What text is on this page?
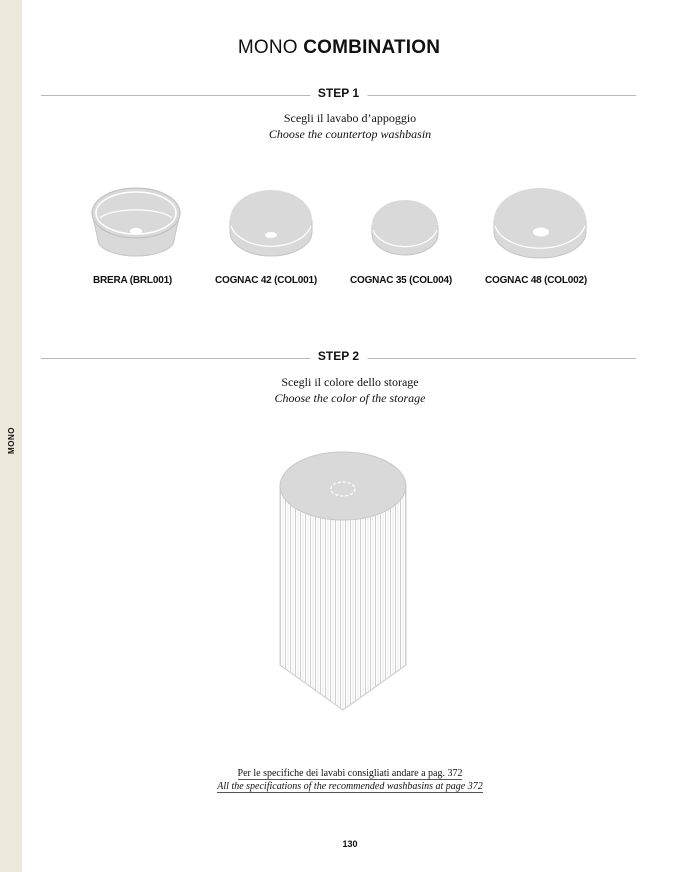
MONO
MONO COMBINATION
STEP 1
Scegli il lavabo d’appoggio
Choose the countertop washbasin
BRERA (BRL001)	COGNAC 42 (COL001)	COGNAC 35 (COL004)	COGNAC 48 (COL002)
STEP 2
Scegli il colore dello storage
Choose the color of the storage
Per le specifiche dei lavabi consigliati andare a pag. 372
All the specifications of the recommended washbasins at page 372
130
